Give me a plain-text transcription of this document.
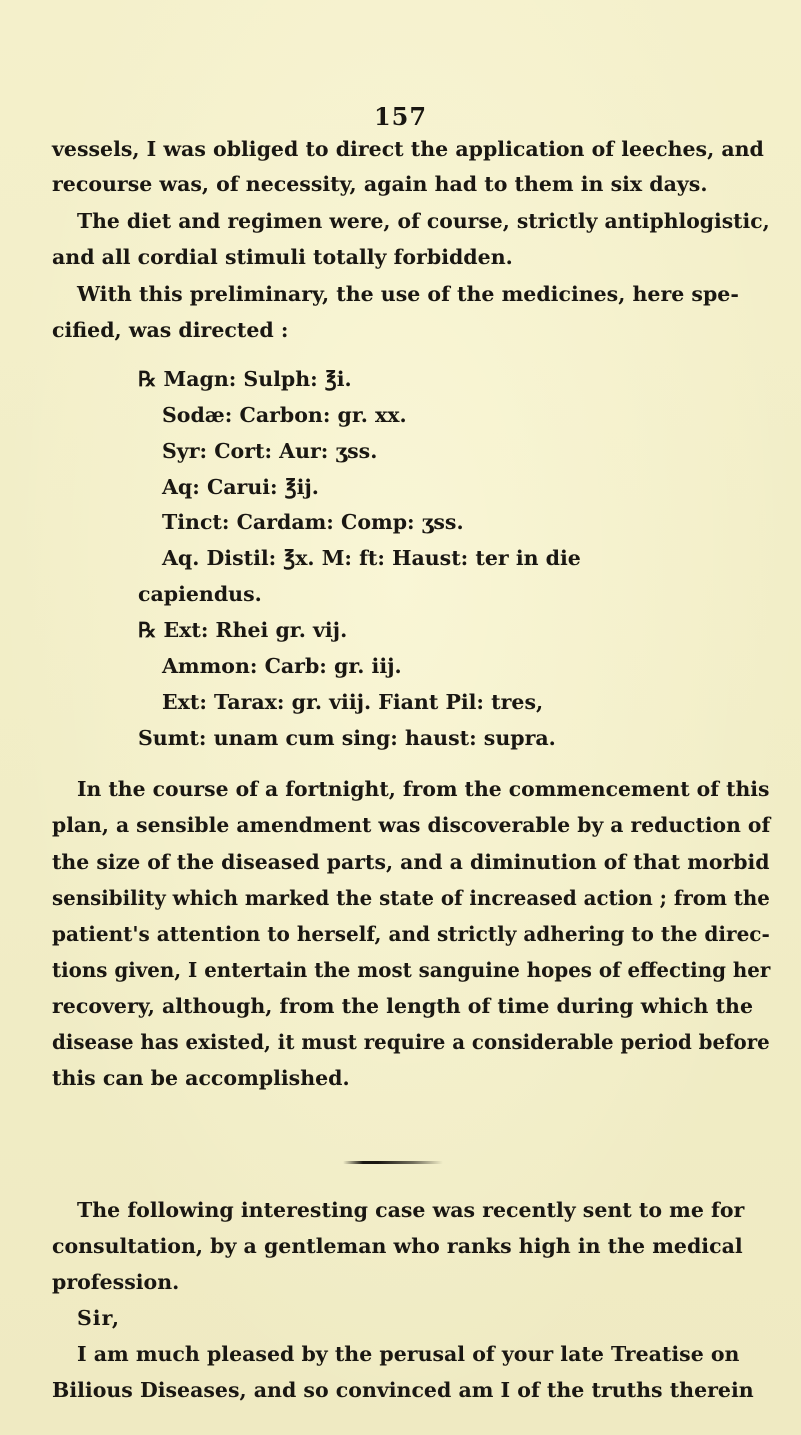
157
vessels, I was obliged to direct the application of leeches, and
recourse was, of necessity, again had to them in six days.
The diet and regimen were, of course, strictly antiphlogistic,
and all cordial stimuli totally forbidden.
With this preliminary, the use of the medicines, here spe-
cified, was directed :
℞ Magn: Sulph: ℥i.
Sodæ: Carbon: gr. xx.
Syr: Cort: Aur: ʒss.
Aq: Carui: ℥ij.
Tinct: Cardam: Comp: ʒss.
Aq. Distil: ℥x. M: ft: Haust: ter in die
capiendus.
℞ Ext: Rhei gr. vij.
Ammon: Carb: gr. iij.
Ext: Tarax: gr. viij. Fiant Pil: tres,
Sumt: unam cum sing: haust: supra.
In the course of a fortnight, from the commencement of this
plan, a sensible amendment was discoverable by a reduction of
the size of the diseased parts, and a diminution of that morbid
sensibility which marked the state of increased action ; from the
patient's attention to herself, and strictly adhering to the direc-
tions given, I entertain the most sanguine hopes of effecting her
recovery, although, from the length of time during which the
disease has existed, it must require a considerable period before
this can be accomplished.
The following interesting case was recently sent to me for
consultation, by a gentleman who ranks high in the medical
profession.
Sir,
I am much pleased by the perusal of your late Treatise on
Bilious Diseases, and so convinced am I of the truths therein
